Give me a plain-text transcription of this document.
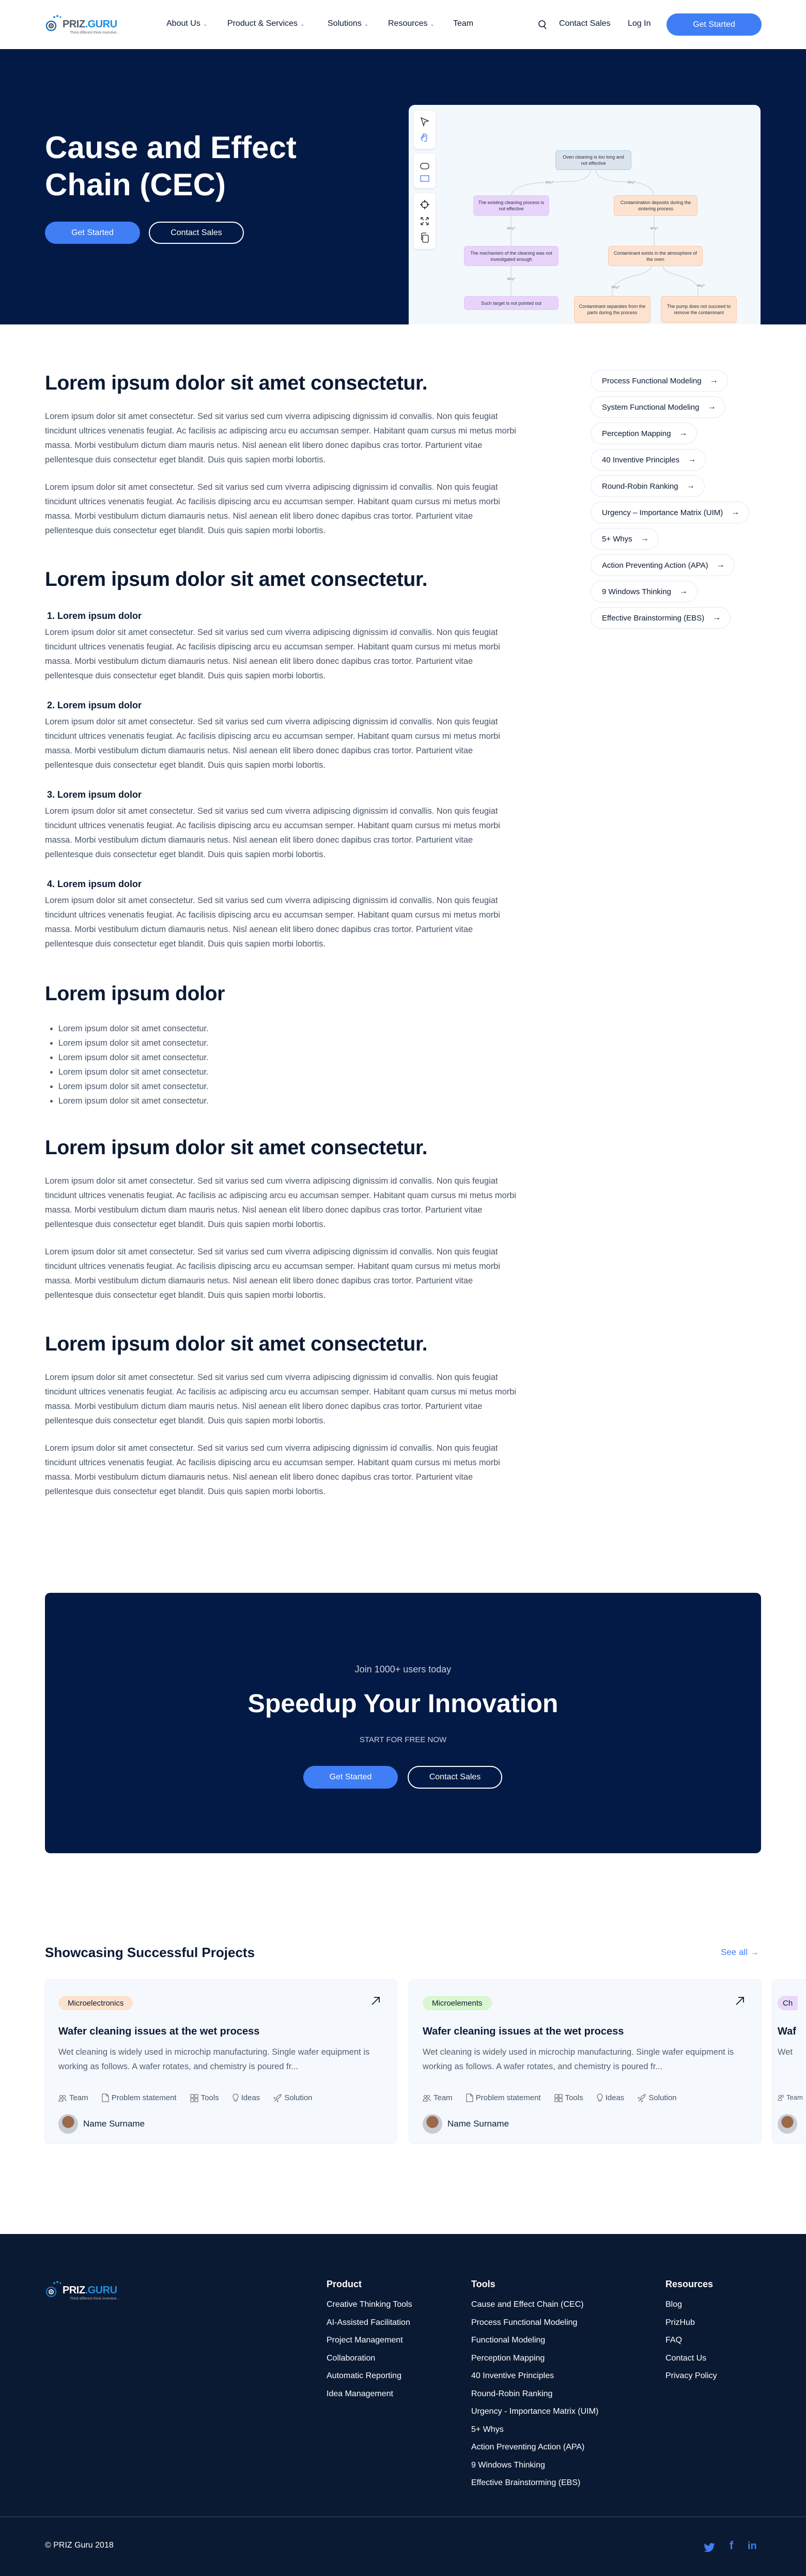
PRIZ.GURU
Think different think inventive...
About Us ⌄ Product & Services ⌄	Solutions ⌄ Resources ⌄ Team	Contact Sales Log In	Get Started
Cause and Effect Chain (CEC)
Get Started	Contact Sales
Why?	Why?
Why?
Why?
Why?
Why?	Why?
Oven cleaning is too long and not effective
The existing cleaning process is not effective
The mechanism of the cleaning was not investigated enough
Such target is not pointed out
Contamination deposits during the sintering process
Contaminant exists in the atmosphere of the oven
Contaminant separates from the parts during the process
The pump does not succeed to remove the contaminant
Lorem ipsum dolor sit amet consectetur.

Lorem ipsum dolor sit amet consectetur. Sed sit varius sed cum viverra adipiscing dignissim id convallis. Non quis feugiat tincidunt ultrices venenatis feugiat. Ac facilisis ac adipiscing arcu eu accumsan semper. Habitant quam cursus mi metus morbi massa. Morbi vestibulum dictum diam mauris netus. Nisl aenean elit libero donec dapibus cras tortor. Parturient vitae pellentesque duis consectetur eget blandit. Duis quis sapien morbi lobortis.

Lorem ipsum dolor sit amet consectetur. Sed sit varius sed cum viverra adipiscing dignissim id convallis. Non quis feugiat tincidunt ultrices venenatis feugiat. Ac facilisis dipiscing arcu eu accumsan semper. Habitant quam cursus mi metus morbi massa. Morbi vestibulum dictum diamauris netus. Nisl aenean elit libero donec dapibus cras tortor. Parturient vitae pellentesque duis consectetur eget blandit. Duis quis sapien morbi lobortis.

Lorem ipsum dolor sit amet consectetur.
1. Lorem ipsum dolor

Lorem ipsum dolor sit amet consectetur. Sed sit varius sed cum viverra adipiscing dignissim id convallis. Non quis feugiat tincidunt ultrices venenatis feugiat. Ac facilisis dipiscing arcu eu accumsan semper. Habitant quam cursus mi metus morbi massa. Morbi vestibulum dictum diamauris netus. Nisl aenean elit libero donec dapibus cras tortor. Parturient vitae pellentesque duis consectetur eget blandit. Duis quis sapien morbi lobortis.

2. Lorem ipsum dolor

Lorem ipsum dolor sit amet consectetur. Sed sit varius sed cum viverra adipiscing dignissim id convallis. Non quis feugiat tincidunt ultrices venenatis feugiat. Ac facilisis dipiscing arcu eu accumsan semper. Habitant quam cursus mi metus morbi massa. Morbi vestibulum dictum diamauris netus. Nisl aenean elit libero donec dapibus cras tortor. Parturient vitae pellentesque duis consectetur eget blandit. Duis quis sapien morbi lobortis.

3. Lorem ipsum dolor

Lorem ipsum dolor sit amet consectetur. Sed sit varius sed cum viverra adipiscing dignissim id convallis. Non quis feugiat tincidunt ultrices venenatis feugiat. Ac facilisis dipiscing arcu eu accumsan semper. Habitant quam cursus mi metus morbi massa. Morbi vestibulum dictum diamauris netus. Nisl aenean elit libero donec dapibus cras tortor. Parturient vitae pellentesque duis consectetur eget blandit. Duis quis sapien morbi lobortis.

4. Lorem ipsum dolor

Lorem ipsum dolor sit amet consectetur. Sed sit varius sed cum viverra adipiscing dignissim id convallis. Non quis feugiat tincidunt ultrices venenatis feugiat. Ac facilisis dipiscing arcu eu accumsan semper. Habitant quam cursus mi metus morbi massa. Morbi vestibulum dictum diamauris netus. Nisl aenean elit libero donec dapibus cras tortor. Parturient vitae pellentesque duis consectetur eget blandit. Duis quis sapien morbi lobortis.

Lorem ipsum dolor
• Lorem ipsum dolor sit amet consectetur.
• Lorem ipsum dolor sit amet consectetur.
• Lorem ipsum dolor sit amet consectetur.
• Lorem ipsum dolor sit amet consectetur.
• Lorem ipsum dolor sit amet consectetur.
• Lorem ipsum dolor sit amet consectetur.
Lorem ipsum dolor sit amet consectetur.

Lorem ipsum dolor sit amet consectetur. Sed sit varius sed cum viverra adipiscing dignissim id convallis. Non quis feugiat tincidunt ultrices venenatis feugiat. Ac facilisis ac adipiscing arcu eu accumsan semper. Habitant quam cursus mi metus morbi massa. Morbi vestibulum dictum diam mauris netus. Nisl aenean elit libero donec dapibus cras tortor. Parturient vitae pellentesque duis consectetur eget blandit. Duis quis sapien morbi lobortis.

Lorem ipsum dolor sit amet consectetur. Sed sit varius sed cum viverra adipiscing dignissim id convallis. Non quis feugiat tincidunt ultrices venenatis feugiat. Ac facilisis dipiscing arcu eu accumsan semper. Habitant quam cursus mi metus morbi massa. Morbi vestibulum dictum diamauris netus. Nisl aenean elit libero donec dapibus cras tortor. Parturient vitae pellentesque duis consectetur eget blandit. Duis quis sapien morbi lobortis.

Lorem ipsum dolor sit amet consectetur.

Lorem ipsum dolor sit amet consectetur. Sed sit varius sed cum viverra adipiscing dignissim id convallis. Non quis feugiat tincidunt ultrices venenatis feugiat. Ac facilisis ac adipiscing arcu eu accumsan semper. Habitant quam cursus mi metus morbi massa. Morbi vestibulum dictum diam mauris netus. Nisl aenean elit libero donec dapibus cras tortor. Parturient vitae pellentesque duis consectetur eget blandit. Duis quis sapien morbi lobortis.

Lorem ipsum dolor sit amet consectetur. Sed sit varius sed cum viverra adipiscing dignissim id convallis. Non quis feugiat tincidunt ultrices venenatis feugiat. Ac facilisis dipiscing arcu eu accumsan semper. Habitant quam cursus mi metus morbi massa. Morbi vestibulum dictum diamauris netus. Nisl aenean elit libero donec dapibus cras tortor. Parturient vitae pellentesque duis consectetur eget blandit. Duis quis sapien morbi lobortis.

Process Functional Modeling →
System Functional Modeling →
Perception Mapping →
40 Inventive Principles →
Round-Robin Ranking →
Urgency – Importance Matrix (UIM) →
5+ Whys →
Action Preventing Action (APA) →
9 Windows Thinking →
Effective Brainstorming (EBS) →
Join 1000+ users today
Speedup Your Innovation
START FOR FREE NOW
Get Started	Contact Sales
Showcasing Successful Projects	See all →
Microelectronics
Wafer cleaning issues at the wet process
Wet cleaning is widely used in microchip manufacturing. Single wafer equipment is working as follows. A wafer rotates, and chemistry is poured fr...
Team	Problem statement	Tools	Ideas	Solution
Name Surname
Microelements
Wafer cleaning issues at the wet process
Wet cleaning is widely used in microchip manufacturing. Single wafer equipment is working as follows. A wafer rotates, and chemistry is poured fr...
Team	Problem statement	Tools	Ideas	Solution
Name Surname
Ch
Waf
Wet
Team
PRIZ.GURU
Think different think inventive...
Product
Creative Thinking Tools
AI-Assisted Facilitation
Project Management
Collaboration
Automatic Reporting
Idea Management
Tools
Cause and Effect Chain (CEC)
Process Functional Modeling
Functional Modeling
Perception Mapping
40 Inventive Principles
Round-Robin Ranking
Urgency - Importance Matrix (UIM)
5+ Whys
Action Preventing Action (APA)
9 Windows Thinking
Effective Brainstorming (EBS)
Resources
Blog
PrizHub
FAQ
Contact Us
Privacy Policy
© PRIZ Guru 2018	f in
